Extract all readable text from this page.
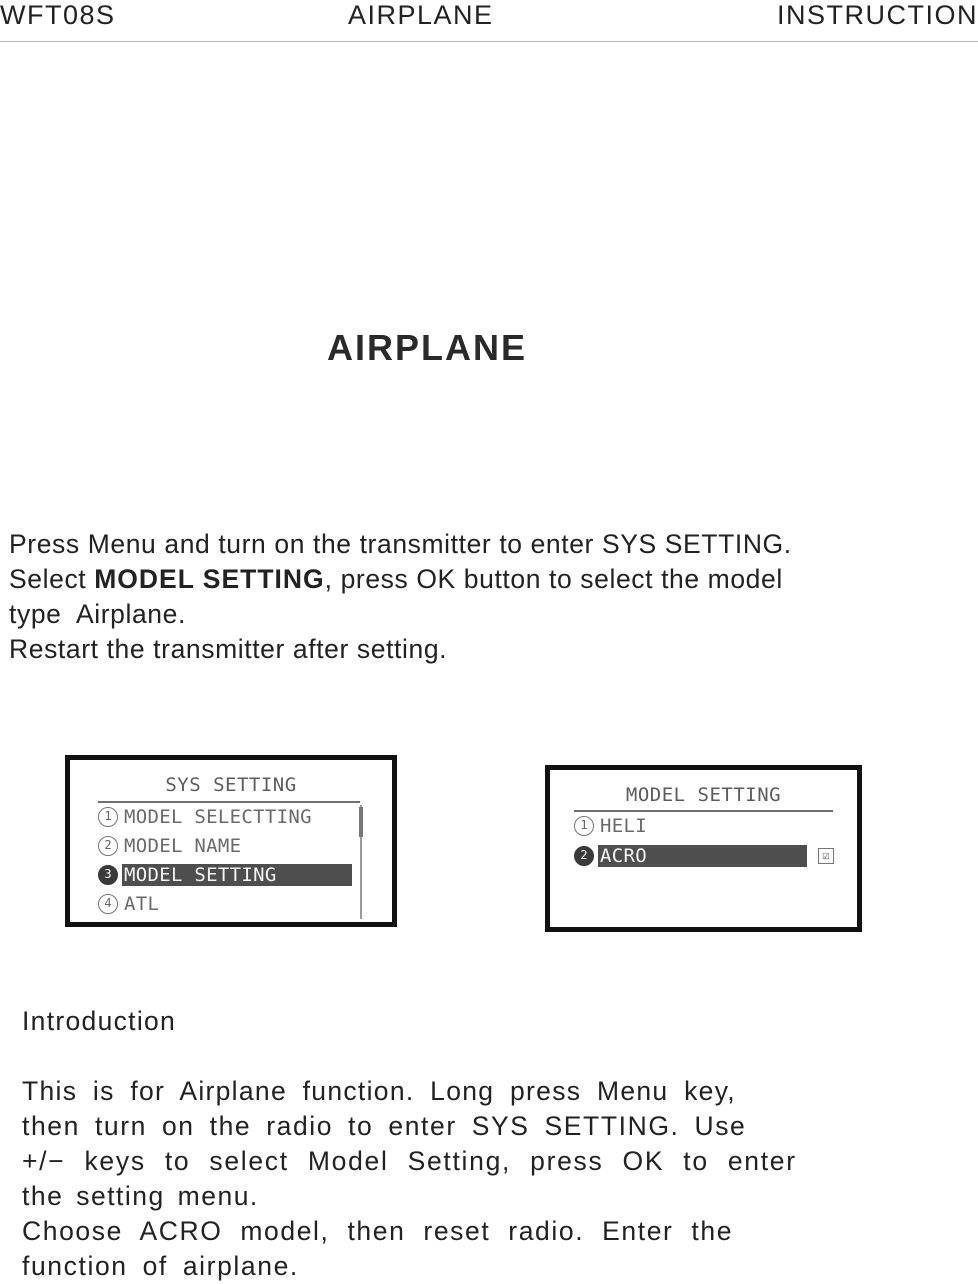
WFT08S	AIRPLANE	INSTRUCTION
AIRPLANE
Press Menu and turn on the transmitter to enter SYS SETTING.
Select MODEL SETTING, press OK button to select the model
type  Airplane.
Restart the transmitter after setting.
SYS SETTING
1 MODEL SELECTTING
2 MODEL NAME
3 MODEL SETTING
4 ATL
MODEL SETTING
1 HELI
2 ACRO	☑
Introduction
This is for Airplane function. Long press Menu key,
then turn on the radio to enter SYS SETTING. Use
+/− keys to select Model Setting, press OK to enter
the setting menu.
Choose ACRO model, then reset radio. Enter the
function of airplane.
